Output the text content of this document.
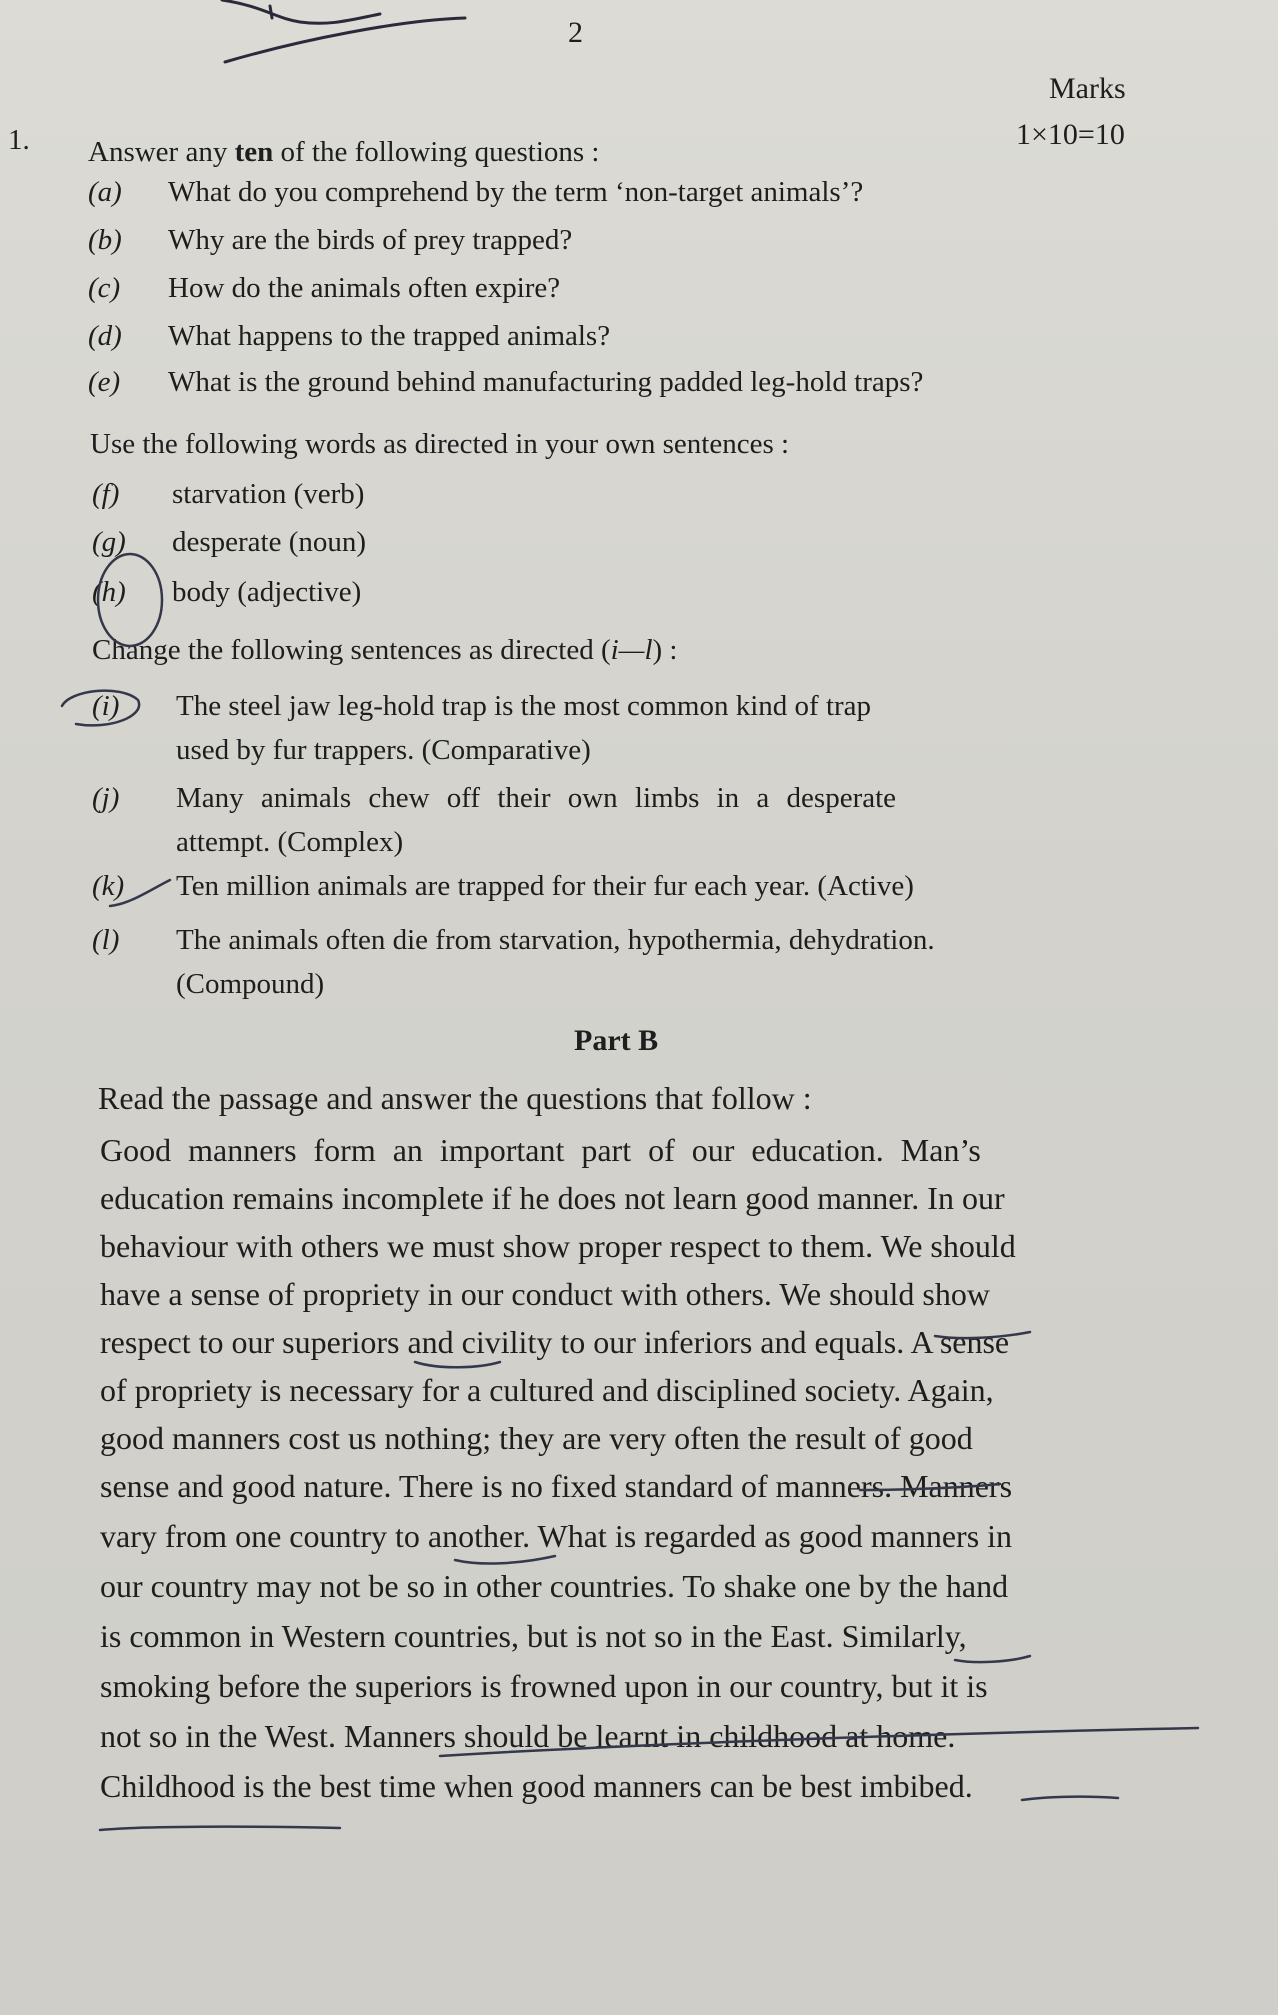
2
Marks
1×10=10
1. Answer any ten of the following questions :
(a) What do you comprehend by the term ‘non-target animals’?
(b) Why are the birds of prey trapped?
(c) How do the animals often expire?
(d) What happens to the trapped animals?
(e) What is the ground behind manufacturing padded leg-hold traps?
Use the following words as directed in your own sentences :
(f) starvation (verb)
(g) desperate (noun)
(h) body (adjective)
Change the following sentences as directed (i—l) :
(i) The steel jaw leg-hold trap is the most common kind of trap
used by fur trappers. (Comparative)
(j) Many animals chew off their own limbs in a desperate
attempt. (Complex)
(k) Ten million animals are trapped for their fur each year. (Active)
(l) The animals often die from starvation, hypothermia, dehydration.
(Compound)
Part B
Read the passage and answer the questions that follow :
Good manners form an important part of our education. Man’s
education remains incomplete if he does not learn good manner. In our
behaviour with others we must show proper respect to them. We should
have a sense of propriety in our conduct with others. We should show
respect to our superiors and civility to our inferiors and equals. A sense
of propriety is necessary for a cultured and disciplined society. Again,
good manners cost us nothing; they are very often the result of good
sense and good nature. There is no fixed standard of manners. Manners
vary from one country to another. What is regarded as good manners in
our country may not be so in other countries. To shake one by the hand
is common in Western countries, but is not so in the East. Similarly,
smoking before the superiors is frowned upon in our country, but it is
not so in the West. Manners should be learnt in childhood at home.
Childhood is the best time when good manners can be best imbibed.
